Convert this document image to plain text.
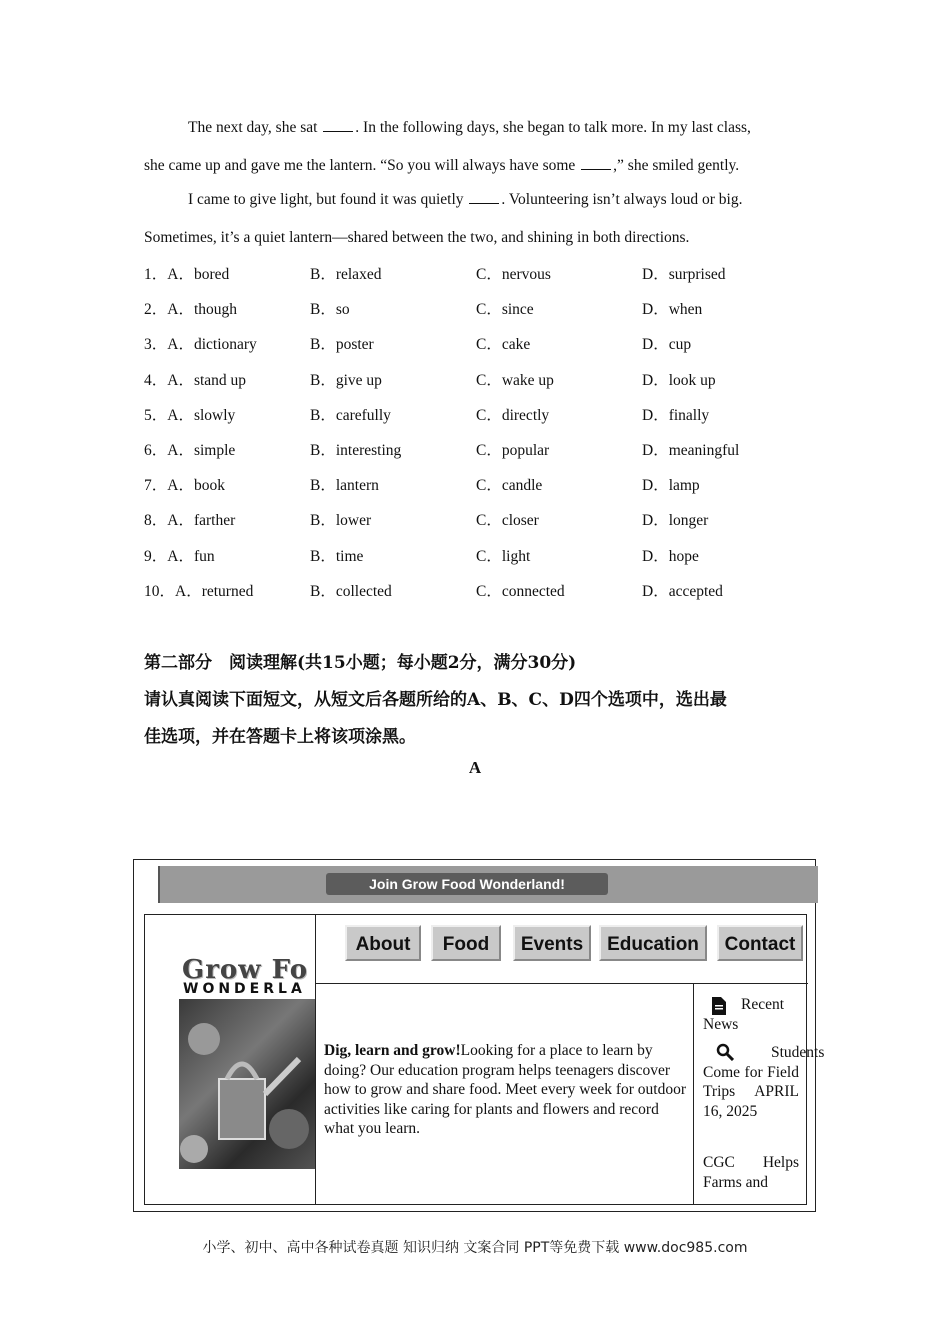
The next day, she sat . In the following days, she began to talk more. In my last class,
she came up and gave me the lantern. “So you will always have some ,” she smiled gently.
I came to give light, but found it was quietly . Volunteering isn’t always loud or big.
Sometimes, it’s a quiet lantern—shared between the two, and shining in both directions.
1．A．bored	B．relaxed	C．nervous	D．surprised
2．A．though	B．so	C．since	D．when
3．A．dictionary	B．poster	C．cake	D．cup
4．A．stand up	B．give up	C．wake up	D．look up
5．A．slowly	B．carefully	C．directly	D．finally
6．A．simple	B．interesting	C．popular	D．meaningful
7．A．book	B．lantern	C．candle	D．lamp
8．A．farther	B．lower	C．closer	D．longer
9．A．fun	B．time	C．light	D．hope
10．A．returned	B．collected	C．connected	D．accepted
第二部分　阅读理解(共15小题；每小题2分，满分30分)
请认真阅读下面短文，从短文后各题所给的A、B、C、D四个选项中，选出最
佳选项，并在答题卡上将该项涂黑。
A
Join Grow Food Wonderland!
Grow Fo
WONDERLA
About	Food	Events	Education	Contact
Dig, learn and grow!Looking for a place to learn by doing? Our education program helps teenagers discover how to grow and share food. Meet every week for outdoor activities like caring for plants and flowers and record what you learn.
Recent News
Students Come for Field Trips APRIL 16, 2025
CGC Helps Farms and
小学、初中、高中各种试卷真题 知识归纳 文案合同 PPT等免费下载 www.doc985.com
